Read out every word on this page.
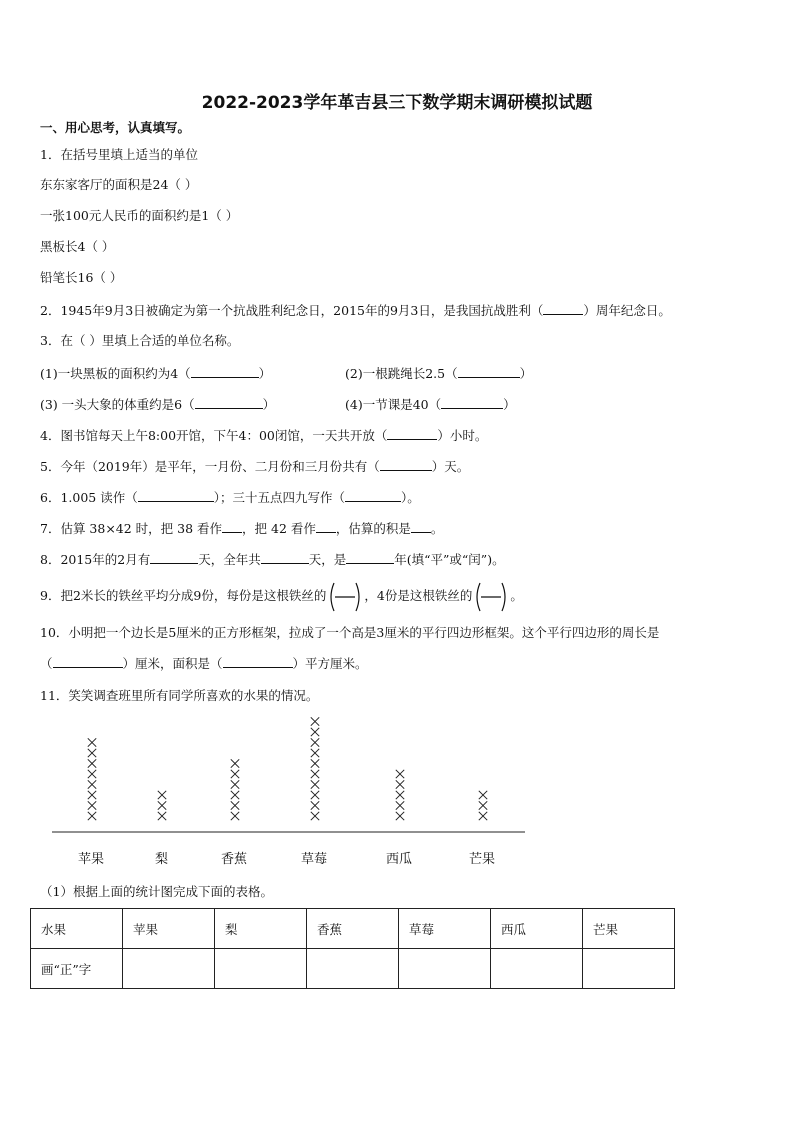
2022-2023学年革吉县三下数学期末调研模拟试题
一、用心思考，认真填写。
1．在括号里填上适当的单位
东东家客厅的面积是24（ ）
一张100元人民币的面积约是1（ ）
黑板长4（ ）
铅笔长16（ ）
2．1945年9月3日被确定为第一个抗战胜利纪念日，2015年的9月3日，是我国抗战胜利（	）周年纪念日。
3．在（ ）里填上合适的单位名称。
(1)一块黑板的面积约为4（	）	(2)一根跳绳长2.5（	）
(3) 一头大象的体重约是6（	）	(4)一节课是40（	）
4．图书馆每天上午8:00开馆，下午4：00闭馆，一天共开放（	）小时。
5．今年（2019年）是平年，一月份、二月份和三月份共有（	）天。
6．1.005 读作（	）；三十五点四九写作（	）。
7．估算 38×42 时，把 38 看作 ，把 42 看作 ，估算的积是 。
8．2015年的2月有	天，全年共	天，是	年(填“平”或“闰”)。
9．把2米长的铁丝平均分成9份，每份是这根铁丝的	，4份是这根铁丝的	。
10．小明把一个边长是5厘米的正方形框架，拉成了一个高是3厘米的平行四边形框架。这个平行四边形的周长是
（	）厘米，面积是（	）平方厘米。
11．笑笑调查班里所有同学所喜欢的水果的情况。
苹果	梨	香蕉	草莓	西瓜	芒果
（1）根据上面的统计图完成下面的表格。
水果	苹果	梨	香蕉	草莓	西瓜	芒果
画“正”字						
